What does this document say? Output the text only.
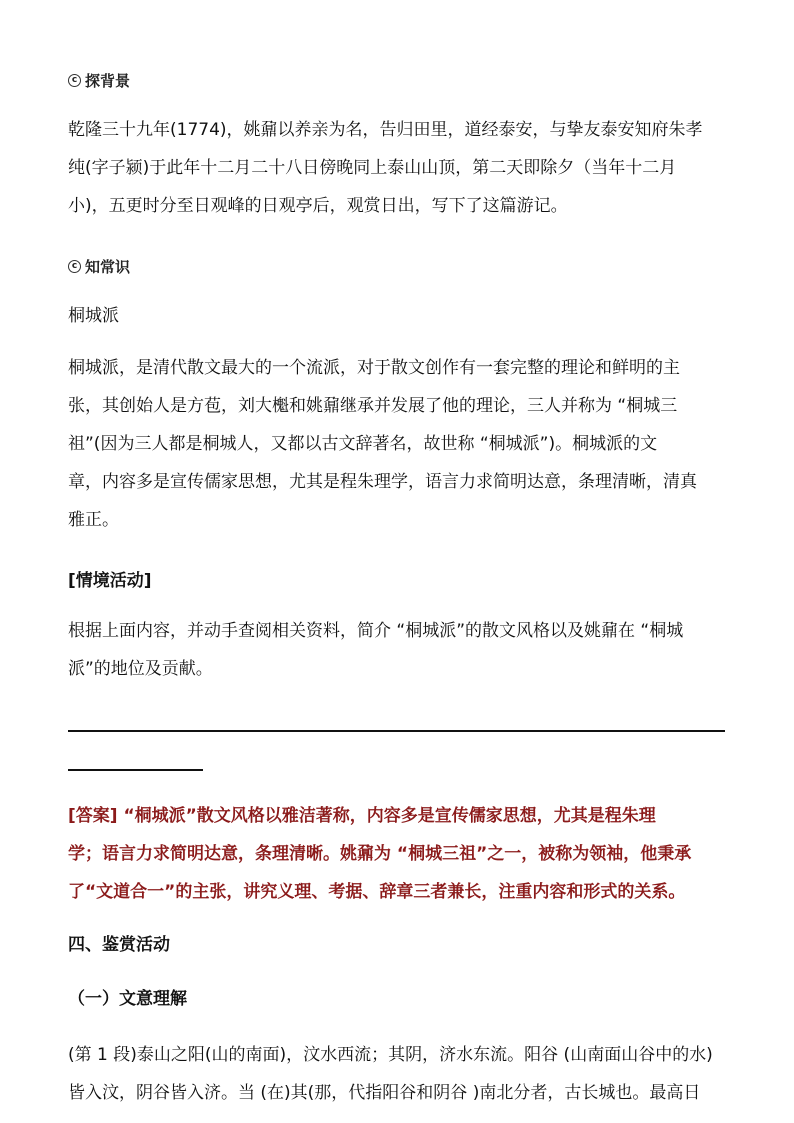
c 探背景

乾隆三十九年(1774)，姚鼐以养亲为名，告归田里，道经泰安，与挚友泰安知府朱孝
纯(字子颍)于此年十二月二十八日傍晚同上泰山山顶，第二天即除夕（当年十二月
小)，五更时分至日观峰的日观亭后，观赏日出，写下了这篇游记。

c 知常识

桐城派

桐城派，是清代散文最大的一个流派，对于散文创作有一套完整的理论和鲜明的主
张，其创始人是方苞，刘大櫆和姚鼐继承并发展了他的理论，三人并称为 “桐城三
祖”(因为三人都是桐城人，又都以古文辞著名，故世称 “桐城派”)。桐城派的文
章，内容多是宣传儒家思想，尤其是程朱理学，语言力求简明达意，条理清晰，清真
雅正。

[情境活动]

根据上面内容，并动手查阅相关资料，简介 “桐城派”的散文风格以及姚鼐在 “桐城
派”的地位及贡献。

[答案] “桐城派”散文风格以雅洁著称，内容多是宣传儒家思想，尤其是程朱理
学；语言力求简明达意，条理清晰。姚鼐为 “桐城三祖”之一，被称为领袖，他秉承
了“文道合一”的主张，讲究义理、考据、辞章三者兼长，注重内容和形式的关系。

四、鉴赏活动

（一）文意理解

(第 1 段)泰山之阳(山的南面)，汶水西流；其阴，济水东流。阳谷 (山南面山谷中的水)
皆入汶，阴谷皆入济。当 (在)其(那，代指阳谷和阴谷 )南北分者，古长城也。最高日
